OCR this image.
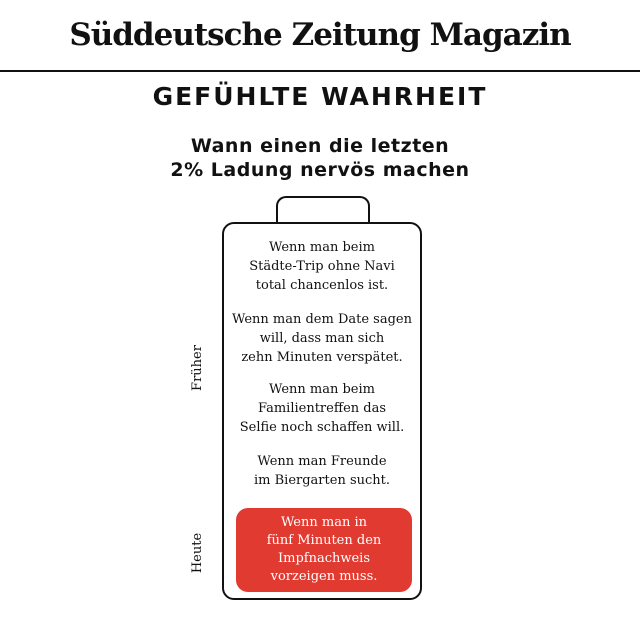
Süddeutsche Zeitung Magazin
GEFÜHLTE WAHRHEIT
Wann einen die letzten
2% Ladung nervös machen
Früher
Heute
Wenn man beim
Städte-Trip ohne Navi
total chancenlos ist.
Wenn man dem Date sagen
will, dass man sich
zehn Minuten verspätet.
Wenn man beim
Familientreffen das
Selfie noch schaffen will.
Wenn man Freunde
im Biergarten sucht.
Wenn man in
fünf Minuten den
Impfnachweis
vorzeigen muss.
